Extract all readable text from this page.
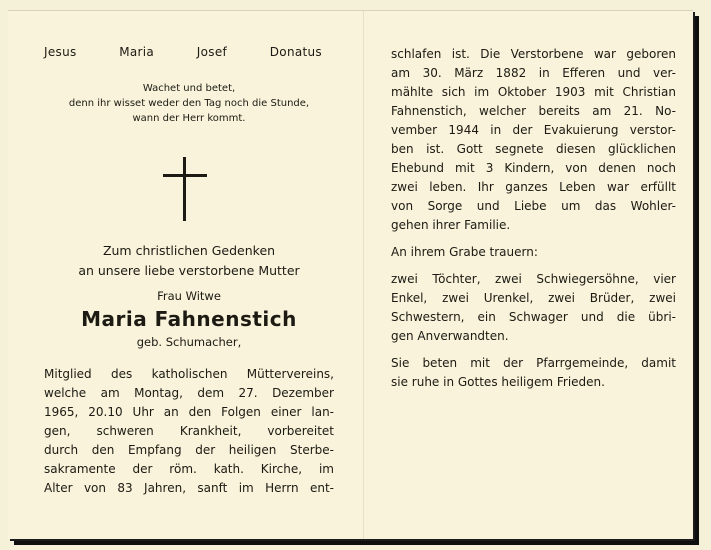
Jesus	Maria	Josef	Donatus
Wachet und betet,
denn ihr wisset weder den Tag noch die Stunde,
wann der Herr kommt.
Zum christlichen Gedenken
an unsere liebe verstorbene Mutter
Frau Witwe
Maria Fahnenstich
geb. Schumacher,
Mitglied des katholischen Müttervereins,
welche am Montag, dem 27. Dezember
1965, 20.10 Uhr an den Folgen einer lan-
gen, schweren Krankheit, vorbereitet
durch den Empfang der heiligen Sterbe-
sakramente der röm. kath. Kirche, im
Alter von 83 Jahren, sanft im Herrn ent-
schlafen ist. Die Verstorbene war geboren
am 30. März 1882 in Efferen und ver-
mählte sich im Oktober 1903 mit Christian
Fahnenstich, welcher bereits am 21. No-
vember 1944 in der Evakuierung verstor-
ben ist. Gott segnete diesen glücklichen
Ehebund mit 3 Kindern, von denen noch
zwei leben. Ihr ganzes Leben war erfüllt
von Sorge und Liebe um das Wohler-
gehen ihrer Familie.
An ihrem Grabe trauern:
zwei Töchter, zwei Schwiegersöhne, vier
Enkel, zwei Urenkel, zwei Brüder, zwei
Schwestern, ein Schwager und die übri-
gen Anverwandten.
Sie beten mit der Pfarrgemeinde, damit
sie ruhe in Gottes heiligem Frieden.
